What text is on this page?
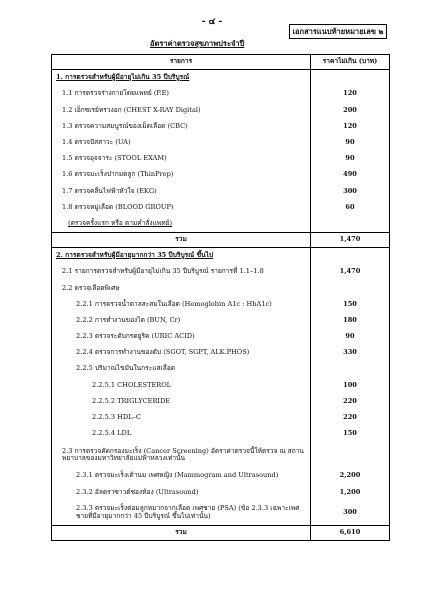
- ๔ -
เอกสารแนบท้ายหมายเลข ๒
อัตราค่าตรวจสุขภาพประจำปี
รายการ	ราคาไม่เกิน (บาท)
1. การตรวจสำหรับผู้มีอายุไม่เกิน 35 ปีบริบูรณ์	
1.1 การตรวจร่างกายโดยแพทย์ (P.E)	120
1.2 เอ็กซเรย์ทรวงอก (CHEST X-RAY Digital)	200
1.3 ตรวจความสมบูรณ์ของเม็ดเลือด (CBC)	120
1.4 ตรวจปัสสาวะ (UA)	90
1.5 ตรวจอุจจาระ (STOOL EXAM)	90
1.6 ตรวจมะเร็งปากมดลูก (ThinPrep)	490
1.7 ตรวจคลื่นไฟฟ้าหัวใจ (EKG)	300
1.8 ตรวจหมู่เลือด (BLOOD GROUP)	60
(ตรวจครั้งแรก หรือ ตามคำสั่งแพทย์)	
รวม	1,470
2. การตรวจสำหรับผู้มีอายุมากกว่า 35 ปีบริบูรณ์ ขึ้นไป	
2.1 รายการตรวจสำหรับผู้มีอายุไม่เกิน 35 ปีบริบูรณ์ รายการที่ 1.1–1.8	1,470
2.2 ตรวจเลือดพิเศษ	
2.2.1 การตรวจน้ำตาลสะสมในเลือด (Hemoglobin A1c : HbA1c)	150
2.2.2 การทำงานของไต (BUN, Cr)	180
2.2.3 ตรวจระดับกรดยูริค (URIC ACID)	90
2.2.4 ตรวจการทำงานของตับ (SGOT, SGPT, ALK.PHOS)	330
2.2.5 ปริมาณไขมันในกระแสเลือด	
2.2.5.1 CHOLESTEROL	100
2.2.5.2 TRIGLYCERIDE	220
2.2.5.3 HDL–C	220
2.2.5.4 LDL	150
2.3 การตรวจคัดกรองมะเร็ง (Cancer Screening) อัตราค่าตรวจนี้ให้ตรวจ ณ สถานพยาบาลของมหาวิทยาลัยแม่ฟ้าหลวงเท่านั้น	
2.3.1 ตรวจมะเร็งเต้านม เพศหญิง (Mammogram and Ultrasound)	2,200
2.3.2 อัลตราซาวด์ช่องท้อง (Ultrasound)	1,200
2.3.3 ตรวจมะเร็งต่อมลูกหมากจากเลือด เพศชาย (PSA) (ข้อ 2.3.3 เฉพาะเพศชายที่มีอายุมากกว่า 45 ปีบริบูรณ์ ขึ้นไปเท่านั้น)	300
รวม	6,610
